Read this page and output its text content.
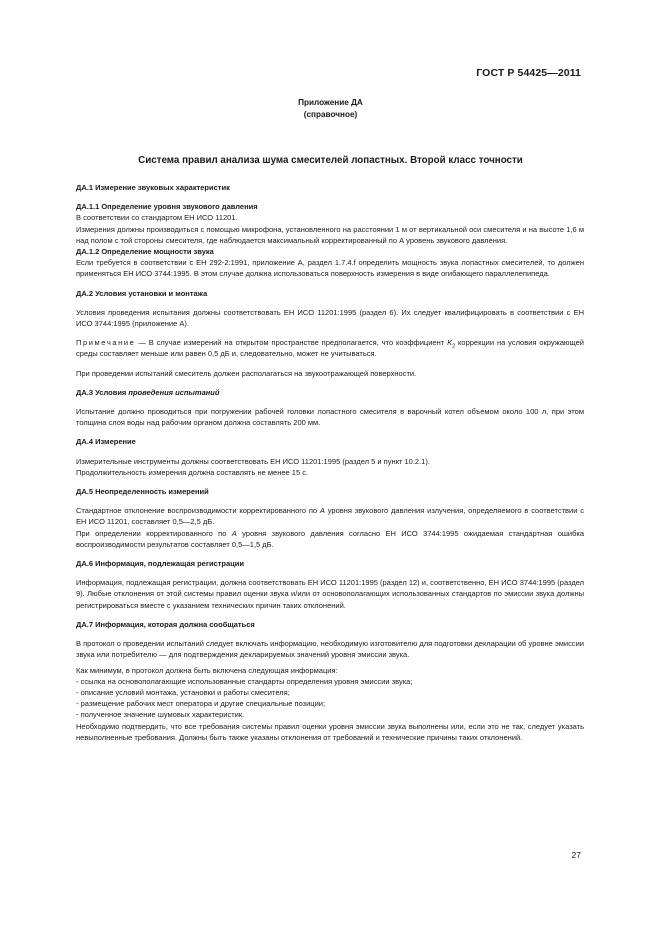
ГОСТ Р 54425—2011
Приложение ДА
(справочное)
Система правил анализа шума смесителей лопастных. Второй класс точности

ДА.1 Измерение звуковых характеристик

ДА.1.1 Определение уровня звукового давления

В соответствии со стандартом ЕН ИСО 11201.

Измерения должны производиться с помощью микрофона, установленного на расстоянии 1 м от вертикальной оси смесителя и на высоте 1,6 м над полом с той стороны смесителя, где наблюдается максимальный корректированный по А уровень звукового давления.

ДА.1.2 Определение мощности звука

Если требуется в соответствии с ЕН 292-2:1991, приложение А, раздел 1.7.4.f определить мощность звука лопастных смесителей, то должен применяться ЕН ИСО 3744:1995. В этом случае должна использоваться поверхность измерения в виде огибающего параллелепипеда.

ДА.2 Условия установки и монтажа

Условия проведения испытания должны соответствовать ЕН ИСО 11201:1995 (раздел 6). Их следует квалифицировать в соответствии с ЕН ИСО 3744:1995 (приложение А).

Примечание — В случае измерений на открытом пространстве предполагается, что коэффициент $K_2$ коррекции на условия окружающей среды составляет меньше или равен 0,5 дБ и, следовательно, может не учитываться.

При проведении испытаний смеситель должен располагаться на звукоотражающей поверхности.

ДА.3 Условия проведения испытаний

Испытание должно проводиться при погружении рабочей головки лопастного смесителя в варочный котел объемом около 100 л, при этом толщина слоя воды над рабочим органом должна составлять 200 мм.

ДА.4 Измерение

Измерительные инструменты должны соответствовать ЕН ИСО 11201:1995 (раздел 5 и пункт 10.2.1).

Продолжительность измерения должна составлять не менее 15 с.

ДА.5 Неопределенность измерений

Стандартное отклонение воспроизводимости корректированного по А уровня звукового давления излучения, определяемого в соответствии с ЕН ИСО 11201, составляет 0,5—2,5 дБ.

При определении корректированного по А уровня звукового давления согласно ЕН ИСО 3744:1995 ожидаемая стандартная ошибка воспроизводимости результатов составляет 0,5—1,5 дБ.

ДА.6 Информация, подлежащая регистрации

Информация, подлежащая регистрации, должна соответствовать ЕН ИСО 11201:1995 (раздел 12) и, соответственно, ЕН ИСО 3744:1995 (раздел 9). Любые отклонения от этой системы правил оценки звука и/или от основополагающих использованных стандартов по эмиссии звука должны регистрироваться вместе с указанием технических причин таких отклонений.

ДА.7 Информация, которая должна сообщаться

В протокол о проведении испытаний следует включать информацию, необходимую изготовителю для подготовки декларации об уровне эмиссии звука или потребителю — для подтверждения декларируемых значений уровня эмиссии звука.

Как минимум, в протокол должна быть включена следующая информация:

- ссылка на основополагающие использованные стандарты определения уровня эмиссии звука;

- описание условий монтажа, установки и работы смесителя;

- размещение рабочих мест оператора и другие специальные позиции;

- полученное значение шумовых характеристик.

Необходимо подтвердить, что все требования системы правил оценки уровня эмиссии звука выполнены или, если это не так, следует указать невыполненные требования. Должны быть также указаны отклонения от требований и технические причины таких отклонений.

27
